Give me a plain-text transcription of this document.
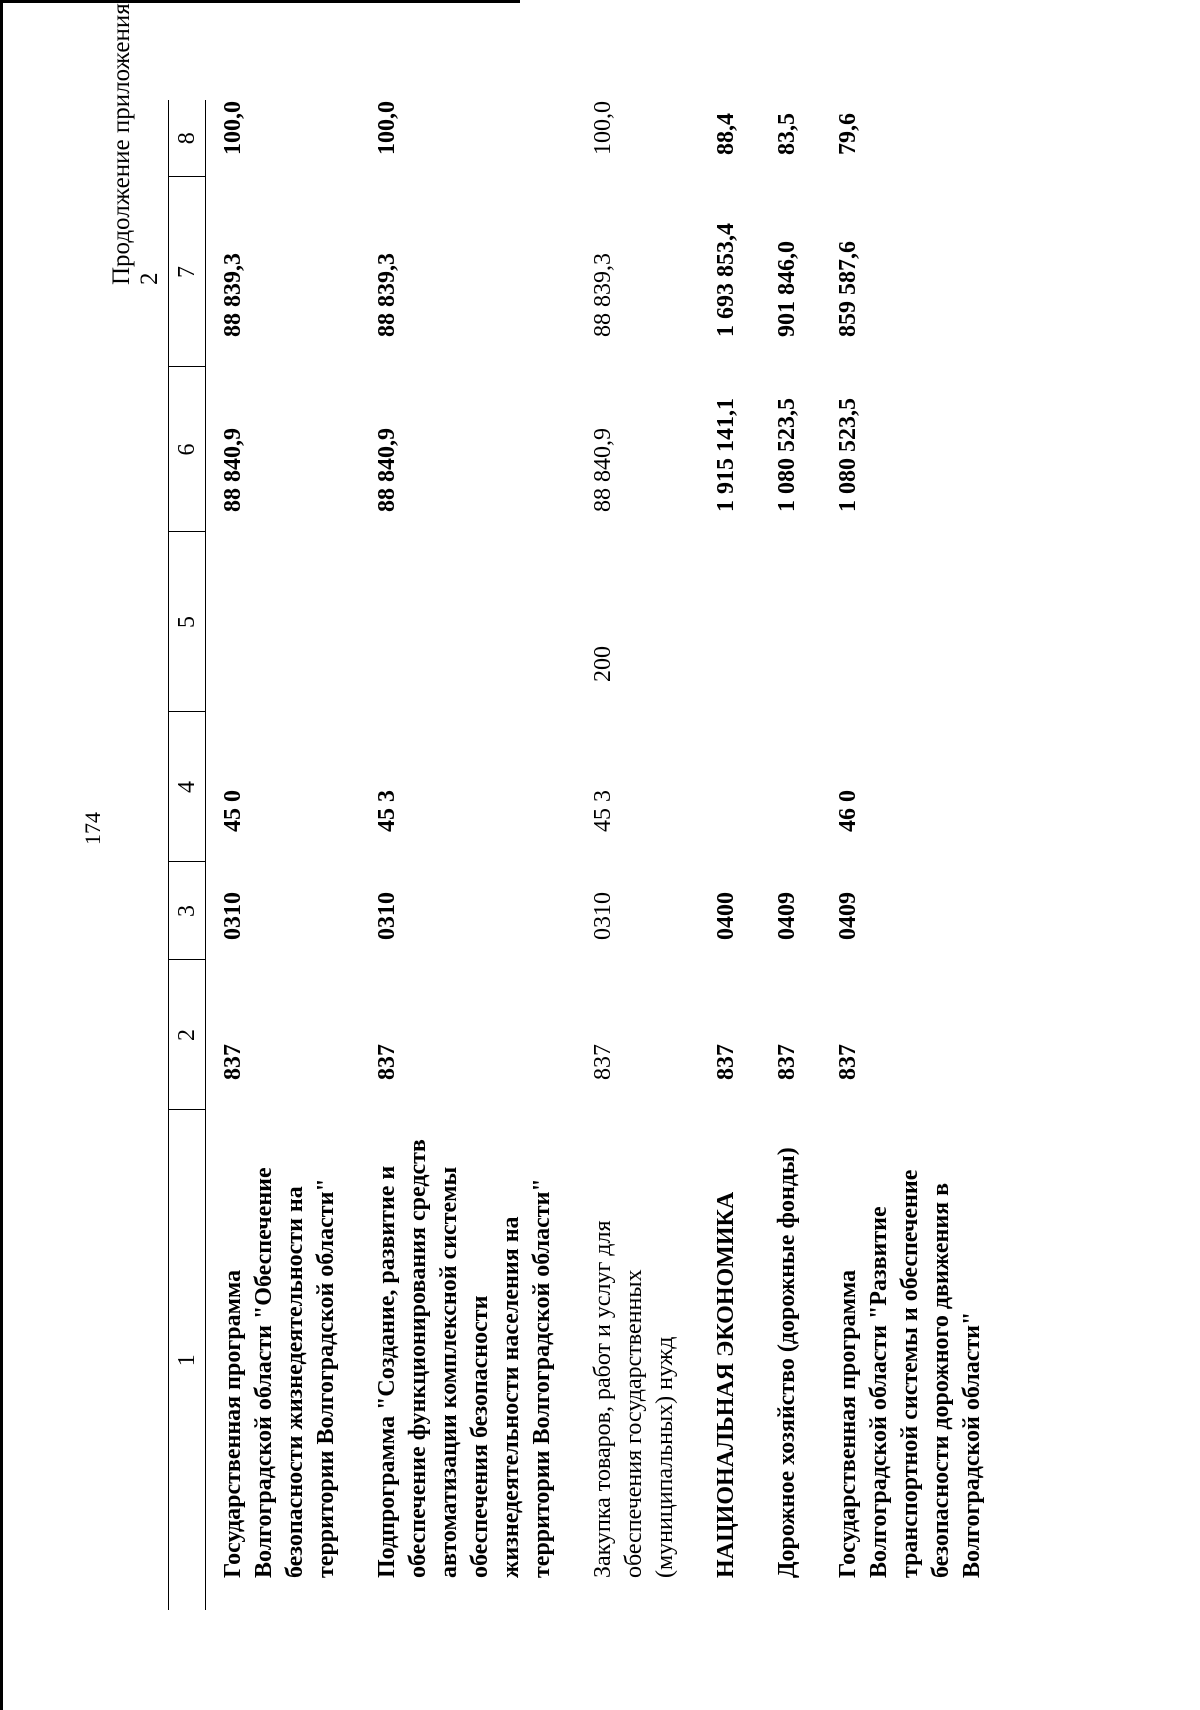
174
Продолжение приложения 2
1	2	3	4	5	6	7	8
Государственная программа Волгоградской области "Обеспечение безопасности жизнедеятельности на территории Волгоградской области"	837	0310	45 0		88 840,9	88 839,3	100,0
Подпрограмма "Создание, развитие и обеспечение функционирования средств автоматизации комплексной системы обеспечения безопасности жизнедеятельности населения на территории Волгоградской области"	837	0310	45 3		88 840,9	88 839,3	100,0
Закупка товаров, работ и услуг для обеспечения государственных (муниципальных) нужд	837	0310	45 3	200	88 840,9	88 839,3	100,0
НАЦИОНАЛЬНАЯ ЭКОНОМИКА	837	0400			1 915 141,1	1 693 853,4	88,4
Дорожное хозяйство (дорожные фонды)	837	0409			1 080 523,5	901 846,0	83,5
Государственная программа Волгоградской области "Развитие транспортной системы и обеспечение безопасности дорожного движения в Волгоградской области"	837	0409	46 0		1 080 523,5	859 587,6	79,6
